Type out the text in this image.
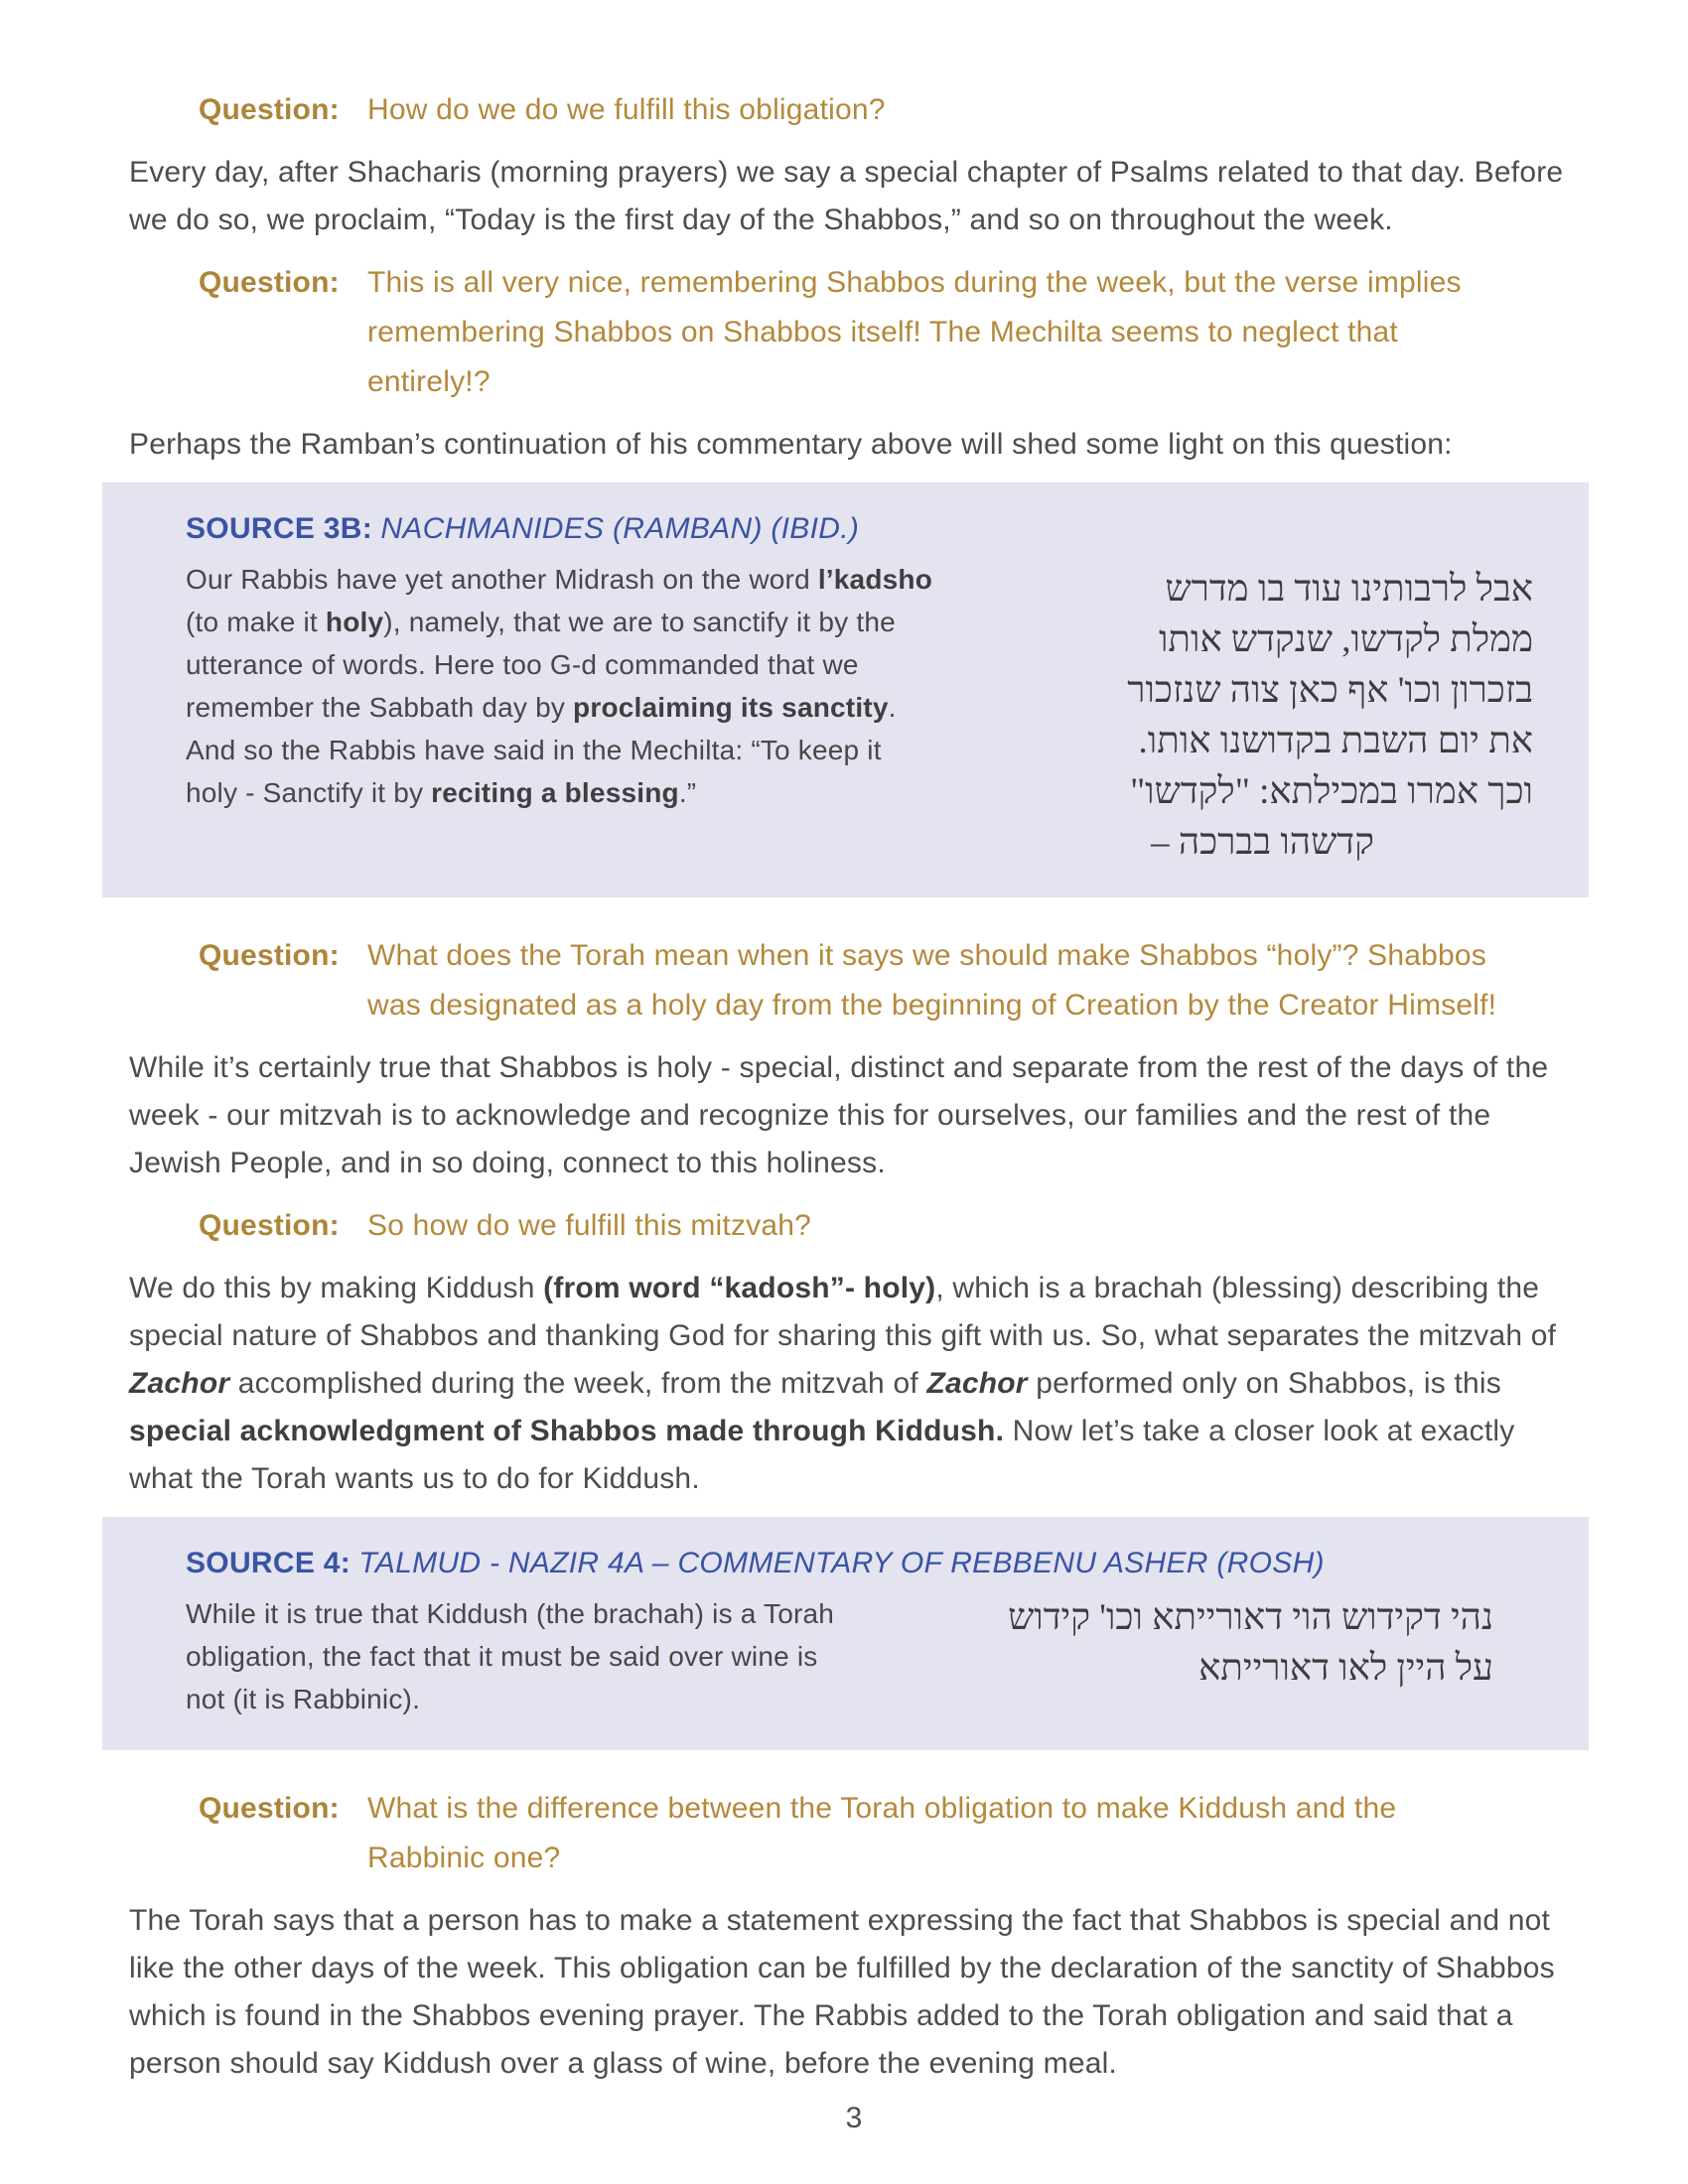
Question: How do we do we fulfill this obligation?

Every day, after Shacharis (morning prayers) we say a special chapter of Psalms related to that day. Before we do so, we proclaim, “Today is the first day of the Shabbos,” and so on throughout the week.

Question: This is all very nice, remembering Shabbos during the week, but the verse implies remembering Shabbos on Shabbos itself! The Mechilta seems to neglect that entirely!?

Perhaps the Ramban’s continuation of his commentary above will shed some light on this question:

SOURCE 3B: NACHMANIDES (RAMBAN) (IBID.)
Our Rabbis have yet another Midrash on the word l’kadsho (to make it holy), namely, that we are to sanctify it by the utterance of words. Here too G-d commanded that we remember the Sabbath day by proclaiming its sanctity. And so the Rabbis have said in the Mechilta: “To keep it holy - Sanctify it by reciting a blessing.”
אבל לרבותינו עוד בו מדרש
ממלת לקדשו, שנקדש אותו
בזכרון וכו' אף כאן צוה שנזכור
את יום השבת בקדושנו אותו.
וכך אמרו במכילתא: "לקדשו"
קדשהו בברכה –
Question: What does the Torah mean when it says we should make Shabbos “holy”? Shabbos was designated as a holy day from the beginning of Creation by the Creator Himself!

While it’s certainly true that Shabbos is holy - special, distinct and separate from the rest of the days of the week - our mitzvah is to acknowledge and recognize this for ourselves, our families and the rest of the Jewish People, and in so doing, connect to this holiness.

Question: So how do we fulfill this mitzvah?

We do this by making Kiddush (from word “kadosh”- holy), which is a brachah (blessing) describing the special nature of Shabbos and thanking God for sharing this gift with us. So, what separates the mitzvah of Zachor accomplished during the week, from the mitzvah of Zachor performed only on Shabbos, is this special acknowledgment of Shabbos made through Kiddush. Now let’s take a closer look at exactly what the Torah wants us to do for Kiddush.

SOURCE 4: TALMUD - NAZIR 4A – COMMENTARY OF REBBENU ASHER (ROSH)
While it is true that Kiddush (the brachah) is a Torah obligation, the fact that it must be said over wine is not (it is Rabbinic).
נהי דקידוש הוי דאורייתא וכו' קידוש
על היין לאו דאורייתא
Question: What is the difference between the Torah obligation to make Kiddush and the Rabbinic one?

The Torah says that a person has to make a statement expressing the fact that Shabbos is special and not like the other days of the week. This obligation can be fulfilled by the declaration of the sanctity of Shabbos which is found in the Shabbos evening prayer. The Rabbis added to the Torah obligation and said that a person should say Kiddush over a glass of wine, before the evening meal.

3
